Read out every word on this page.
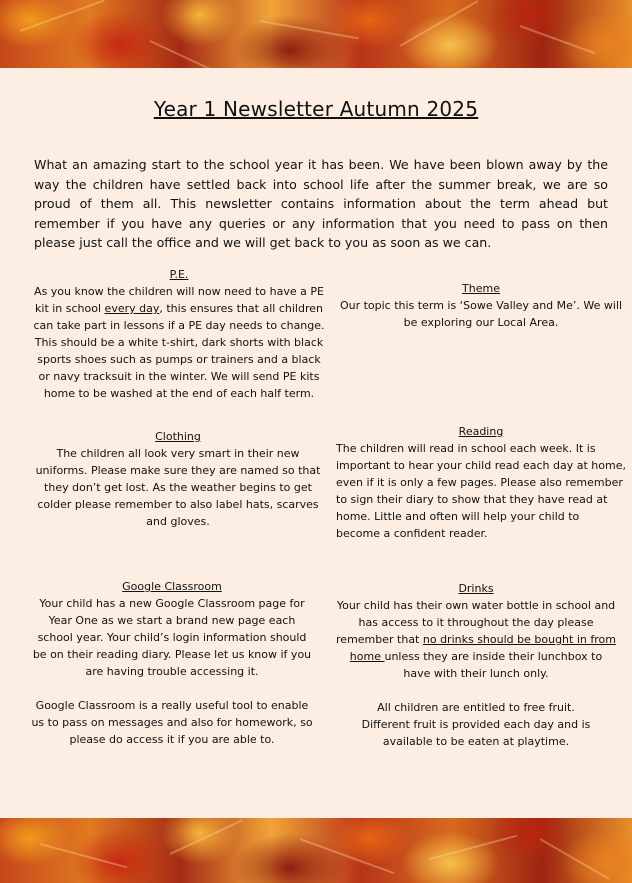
Year 1 Newsletter Autumn 2025

What an amazing start to the school year it has been. We have been blown away by the way the children have settled back into school life after the summer break, we are so proud of them all. This newsletter contains information about the term ahead but remember if you have any queries or any information that you need to pass on then please just call the office and we will get back to you as soon as we can.

P.E.

As you know the children will now need to have a PE kit in school every day, this ensures that all children can take part in lessons if a PE day needs to change. This should be a white t-shirt, dark shorts with black sports shoes such as pumps or trainers and a black or navy tracksuit in the winter. We will send PE kits home to be washed at the end of each half term.

Theme

Our topic this term is ‘Sowe Valley and Me’. We will be exploring our Local Area.

Clothing

The children all look very smart in their new uniforms. Please make sure they are named so that they don’t get lost. As the weather begins to get colder please remember to also label hats, scarves and gloves.

Reading

The children will read in school each week. It is important to hear your child read each day at home, even if it is only a few pages. Please also remember to sign their diary to show that they have read at home. Little and often will help your child to become a confident reader.

Google Classroom

Your child has a new Google Classroom page for Year One as we start a brand new page each school year. Your child’s login information should be on their reading diary. Please let us know if you are having trouble accessing it.

Google Classroom is a really useful tool to enable us to pass on messages and also for homework, so please do access it if you are able to.

Drinks

Your child has their own water bottle in school and has access to it throughout the day please remember that no drinks should be bought in from home unless they are inside their lunchbox to have with their lunch only.

All children are entitled to free fruit.

Different fruit is provided each day and is available to be eaten at playtime.
